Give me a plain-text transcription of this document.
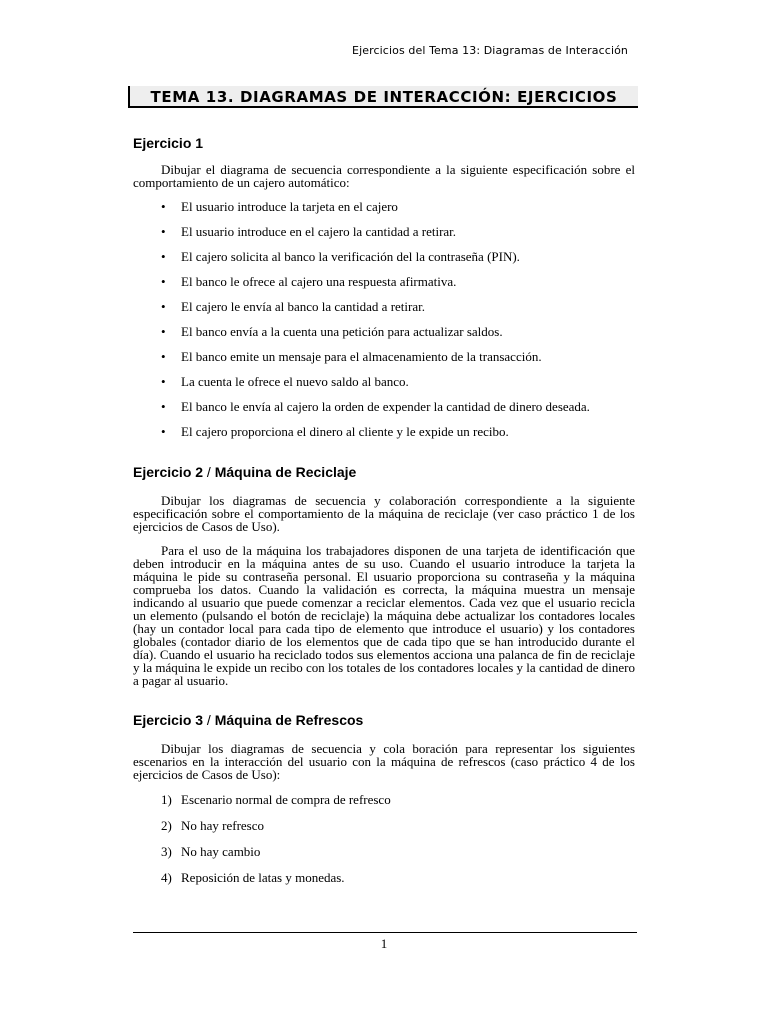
Ejercicios del Tema 13: Diagramas de Interacción
TEMA 13. DIAGRAMAS DE INTERACCIÓN: EJERCICIOS
Ejercicio 1

Dibujar el diagrama de secuencia correspondiente a la siguiente especificación sobre el comportamiento de un cajero automático:

• El usuario introduce la tarjeta en el cajero
• El usuario introduce en el cajero la cantidad a retirar.
• El cajero solicita al banco la verificación del la contraseña (PIN).
• El banco le ofrece al cajero una respuesta afirmativa.
• El cajero le envía al banco la cantidad a retirar.
• El banco envía a la cuenta una petición para actualizar saldos.
• El banco emite un mensaje para el almacenamiento de la transacción.
• La cuenta le ofrece el nuevo saldo al banco.
• El banco le envía al cajero la orden de expender la cantidad de dinero deseada.
• El cajero proporciona el dinero al cliente y le expide un recibo.
Ejercicio 2 / Máquina de Reciclaje

Dibujar los diagramas de secuencia y colaboración correspondiente a la siguiente especificación sobre el comportamiento de la máquina de reciclaje (ver caso práctico 1 de los ejercicios de Casos de Uso).

Para el uso de la máquina los trabajadores disponen de una tarjeta de identificación que deben introducir en la máquina antes de su uso. Cuando el usuario introduce la tarjeta la máquina le pide su contraseña personal. El usuario proporciona su contraseña y la máquina comprueba los datos. Cuando la validación es correcta, la máquina muestra un mensaje indicando al usuario que puede comenzar a reciclar elementos. Cada vez que el usuario recicla un elemento (pulsando el botón de reciclaje) la máquina debe actualizar los contadores locales (hay un contador local para cada tipo de elemento que introduce el usuario) y los contadores globales (contador diario de los elementos que de cada tipo que se han introducido durante el día). Cuando el usuario ha reciclado todos sus elementos acciona una palanca de fin de reciclaje y la máquina le expide un recibo con los totales de los contadores locales y la cantidad de dinero a pagar al usuario.

Ejercicio 3 / Máquina de Refrescos

Dibujar los diagramas de secuencia y cola boración para representar los siguientes escenarios en la interacción del usuario con la máquina de refrescos (caso práctico 4 de los ejercicios de Casos de Uso):

1) Escenario normal de compra de refresco
2) No hay refresco
3) No hay cambio
4) Reposición de latas y monedas.
1
